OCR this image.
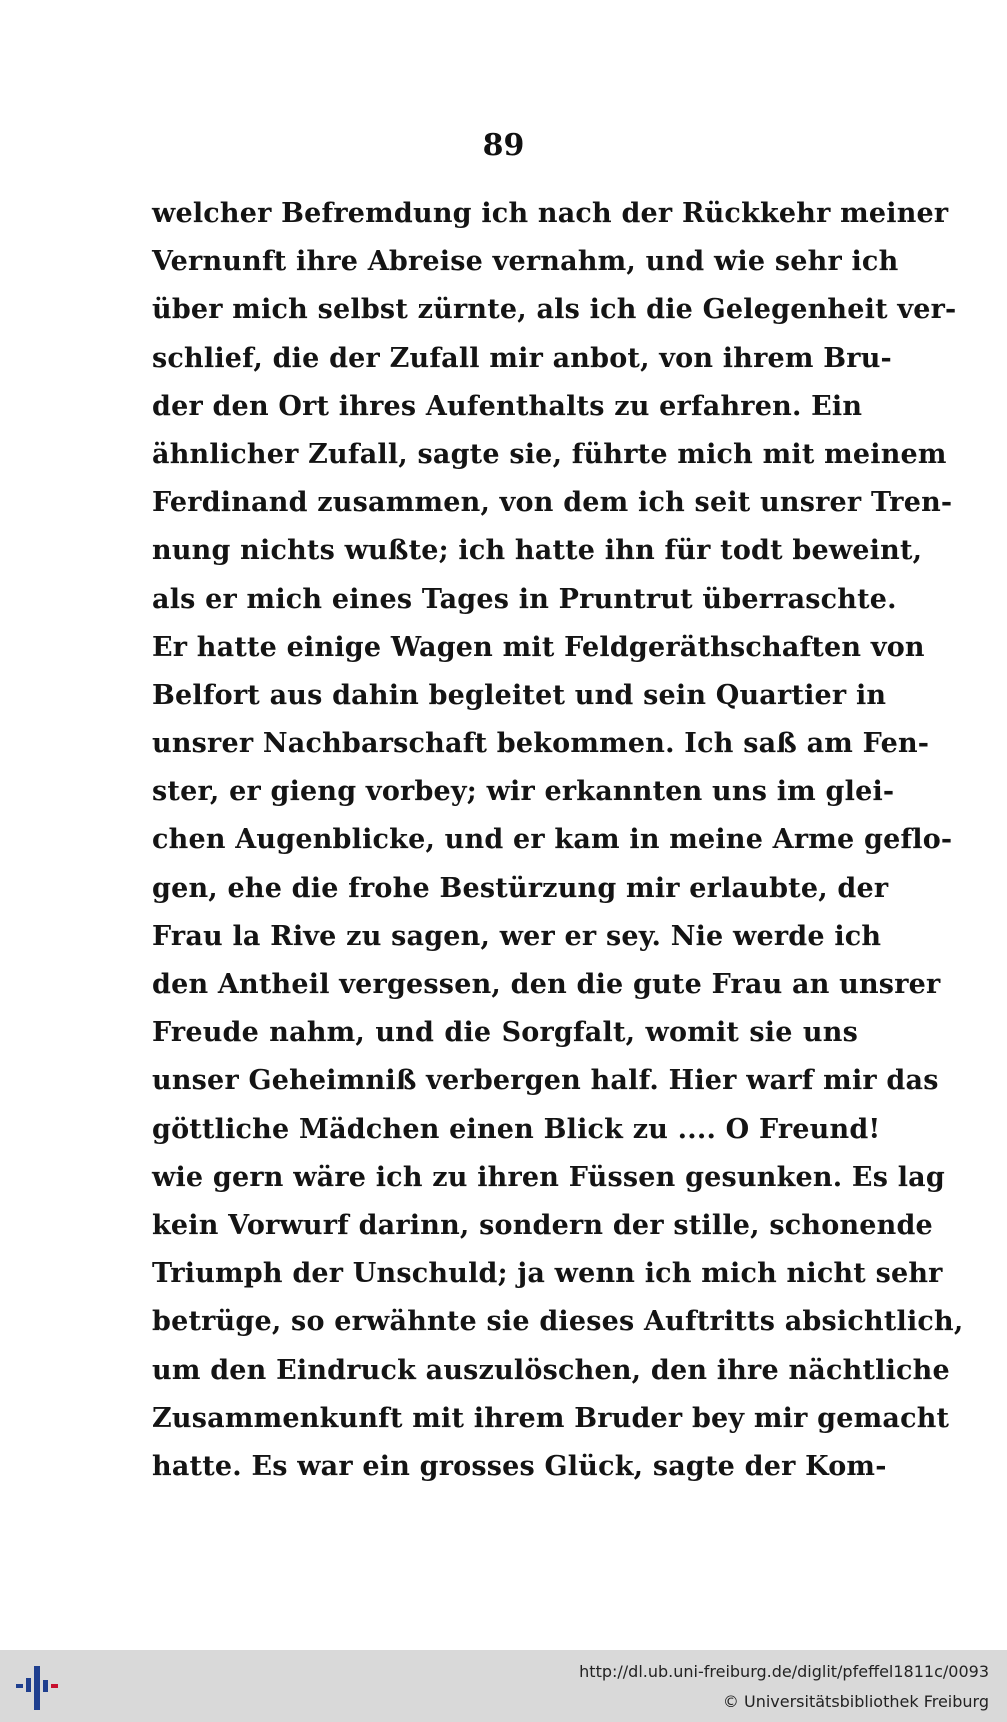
89
welcher Befremdung ich nach der Rückkehr meiner
Vernunft ihre Abreise vernahm, und wie sehr ich
über mich selbst zürnte, als ich die Gelegenheit ver-
schlief, die der Zufall mir anbot, von ihrem Bru-
der den Ort ihres Aufenthalts zu erfahren. Ein
ähnlicher Zufall, sagte sie, führte mich mit meinem
Ferdinand zusammen, von dem ich seit unsrer Tren-
nung nichts wußte; ich hatte ihn für todt beweint,
als er mich eines Tages in Pruntrut überraschte.
Er hatte einige Wagen mit Feldgeräthschaften von
Belfort aus dahin begleitet und sein Quartier in
unsrer Nachbarschaft bekommen. Ich saß am Fen-
ster, er gieng vorbey; wir erkannten uns im glei-
chen Augenblicke, und er kam in meine Arme geflo-
gen, ehe die frohe Bestürzung mir erlaubte, der
Frau la Rive zu sagen, wer er sey. Nie werde ich
den Antheil vergessen, den die gute Frau an unsrer
Freude nahm, und die Sorgfalt, womit sie uns
unser Geheimniß verbergen half. Hier warf mir das
göttliche Mädchen einen Blick zu .... O Freund!
wie gern wäre ich zu ihren Füssen gesunken. Es lag
kein Vorwurf darinn, sondern der stille, schonende
Triumph der Unschuld; ja wenn ich mich nicht sehr
betrüge, so erwähnte sie dieses Auftritts absichtlich,
um den Eindruck auszulöschen, den ihre nächtliche
Zusammenkunft mit ihrem Bruder bey mir gemacht
hatte. Es war ein grosses Glück, sagte der Kom-
http://dl.ub.uni-freiburg.de/diglit/pfeffel1811c/0093
© Universitätsbibliothek Freiburg
